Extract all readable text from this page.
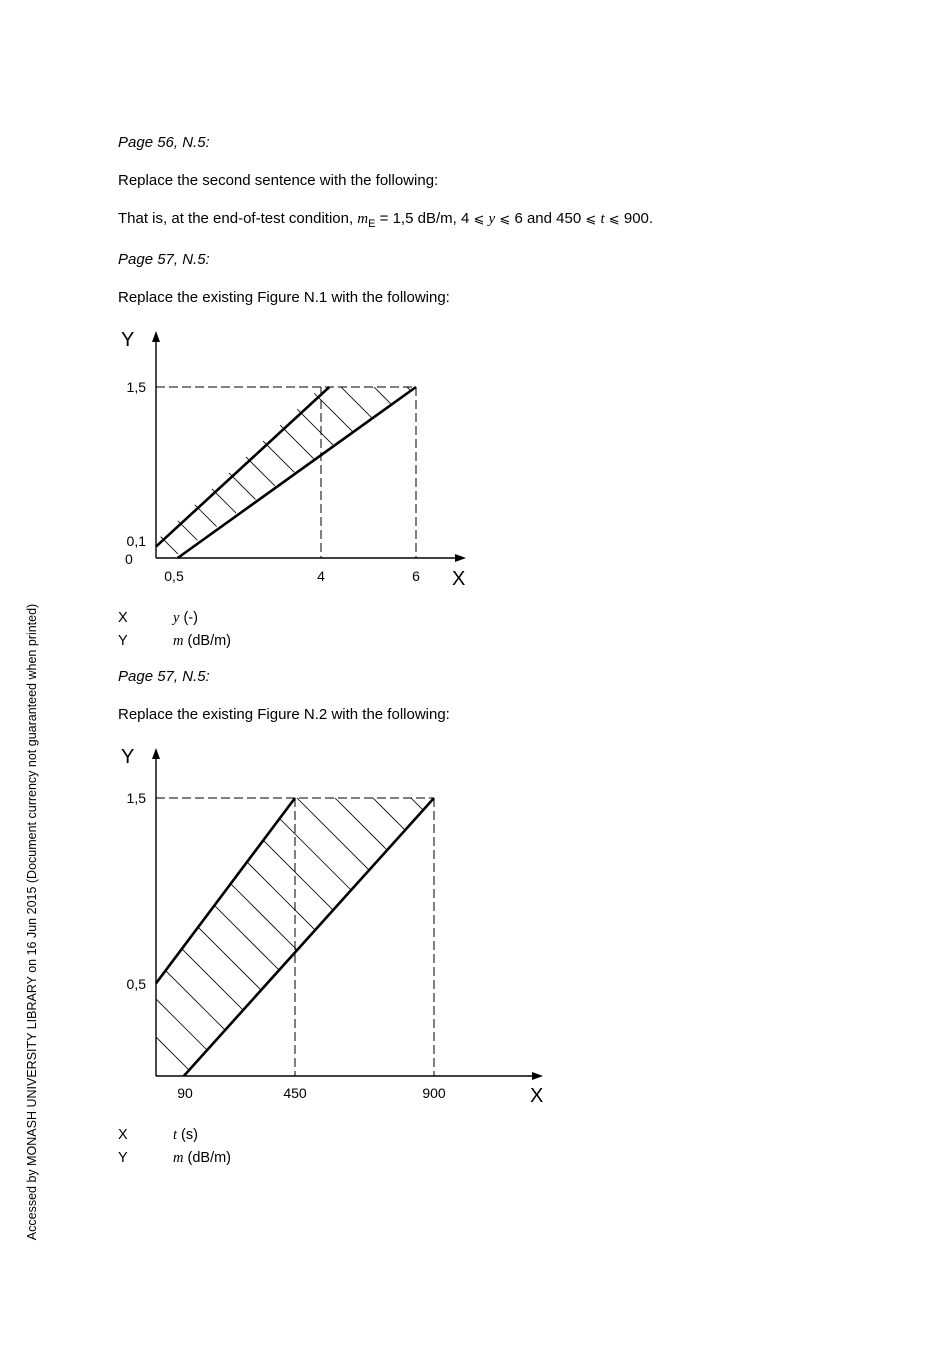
Accessed by MONASH UNIVERSITY LIBRARY on 16 Jun 2015 (Document currency not guaranteed when printed)

Page 56, N.5:

Replace the second sentence with the following:

That is, at the end-of-test condition, $m_E = 1,5$ dB/m, 4 ⩽ y ⩽ 6 and 450 ⩽ t ⩽ 900.

Page 57, N.5:

Replace the existing Figure N.1 with the following:

Y
X
1,5
0,1
0
0,5	4	6
X	y (-)
Y	m (dB/m)

Page 57, N.5:

Replace the existing Figure N.2 with the following:

Y
X
1,5
0,5
90	450	900
X	t (s)
Y	m (dB/m)
